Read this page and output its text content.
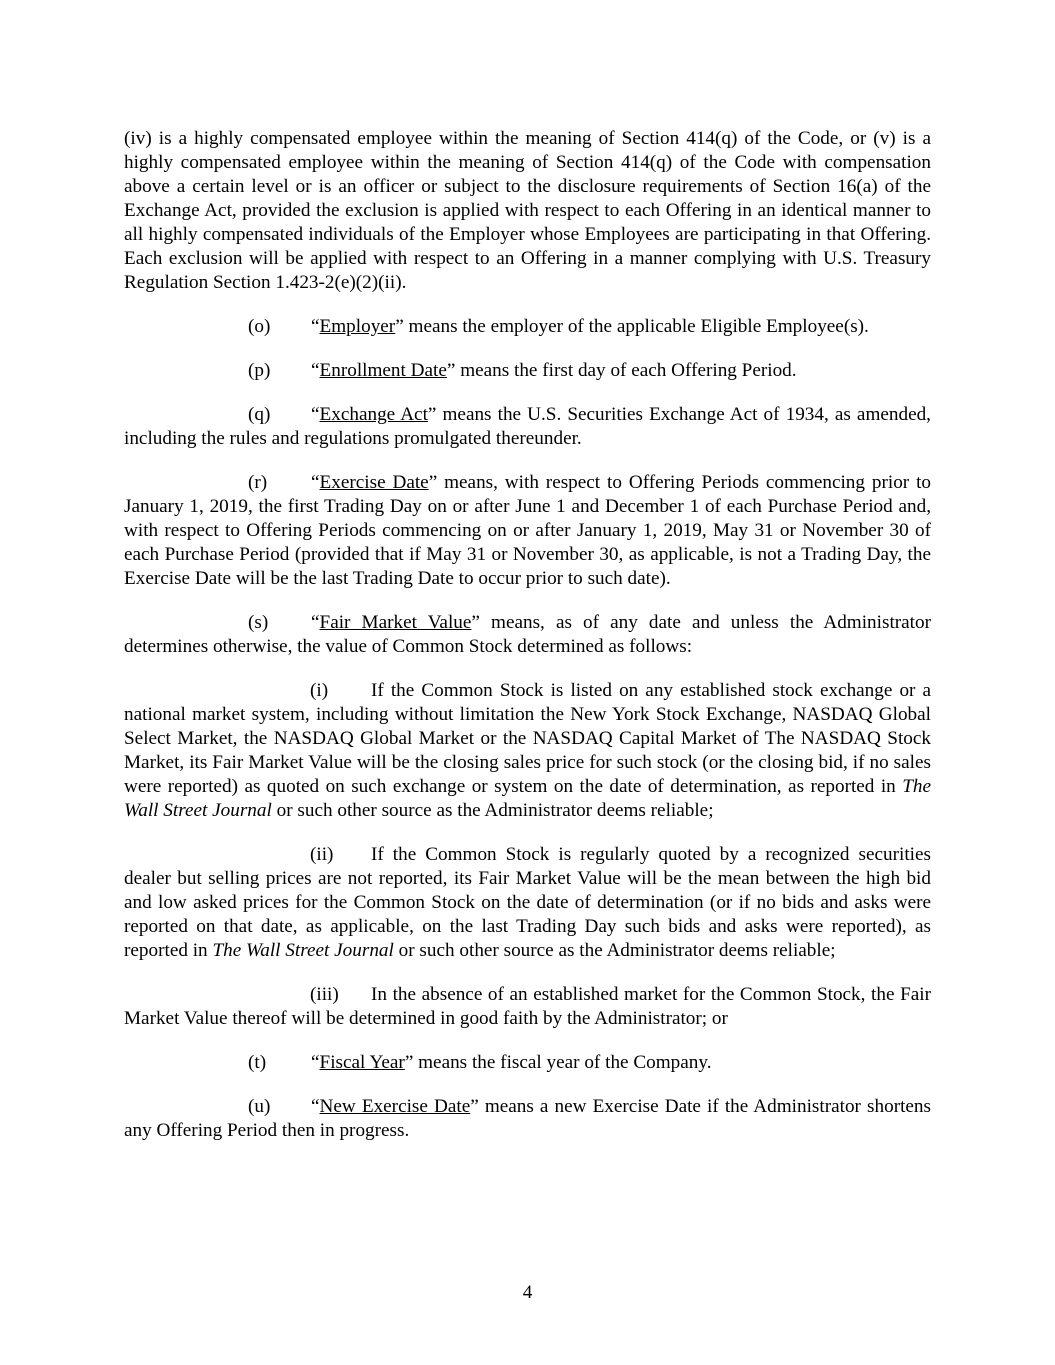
(iv) is a highly compensated employee within the meaning of Section 414(q) of the Code, or (v) is a highly compensated employee within the meaning of Section 414(q) of the Code with compensation above a certain level or is an officer or subject to the disclosure requirements of Section 16(a) of the Exchange Act, provided the exclusion is applied with respect to each Offering in an identical manner to all highly compensated individuals of the Employer whose Employees are participating in that Offering. Each exclusion will be applied with respect to an Offering in a manner complying with U.S. Treasury Regulation Section 1.423-2(e)(2)(ii).

(o) “Employer” means the employer of the applicable Eligible Employee(s).

(p) “Enrollment Date” means the first day of each Offering Period.

(q) “Exchange Act” means the U.S. Securities Exchange Act of 1934, as amended, including the rules and regulations promulgated thereunder.

(r) “Exercise Date” means, with respect to Offering Periods commencing prior to January 1, 2019, the first Trading Day on or after June 1 and December 1 of each Purchase Period and, with respect to Offering Periods commencing on or after January 1, 2019, May 31 or November 30 of each Purchase Period (provided that if May 31 or November 30, as applicable, is not a Trading Day, the Exercise Date will be the last Trading Date to occur prior to such date).

(s) “Fair Market Value” means, as of any date and unless the Administrator determines otherwise, the value of Common Stock determined as follows:

(i) If the Common Stock is listed on any established stock exchange or a national market system, including without limitation the New York Stock Exchange, NASDAQ Global Select Market, the NASDAQ Global Market or the NASDAQ Capital Market of The NASDAQ Stock Market, its Fair Market Value will be the closing sales price for such stock (or the closing bid, if no sales were reported) as quoted on such exchange or system on the date of determination, as reported in The Wall Street Journal or such other source as the Administrator deems reliable;

(ii) If the Common Stock is regularly quoted by a recognized securities dealer but selling prices are not reported, its Fair Market Value will be the mean between the high bid and low asked prices for the Common Stock on the date of determination (or if no bids and asks were reported on that date, as applicable, on the last Trading Day such bids and asks were reported), as reported in The Wall Street Journal or such other source as the Administrator deems reliable;

(iii) In the absence of an established market for the Common Stock, the Fair Market Value thereof will be determined in good faith by the Administrator; or

(t) “Fiscal Year” means the fiscal year of the Company.

(u) “New Exercise Date” means a new Exercise Date if the Administrator shortens any Offering Period then in progress.

4
